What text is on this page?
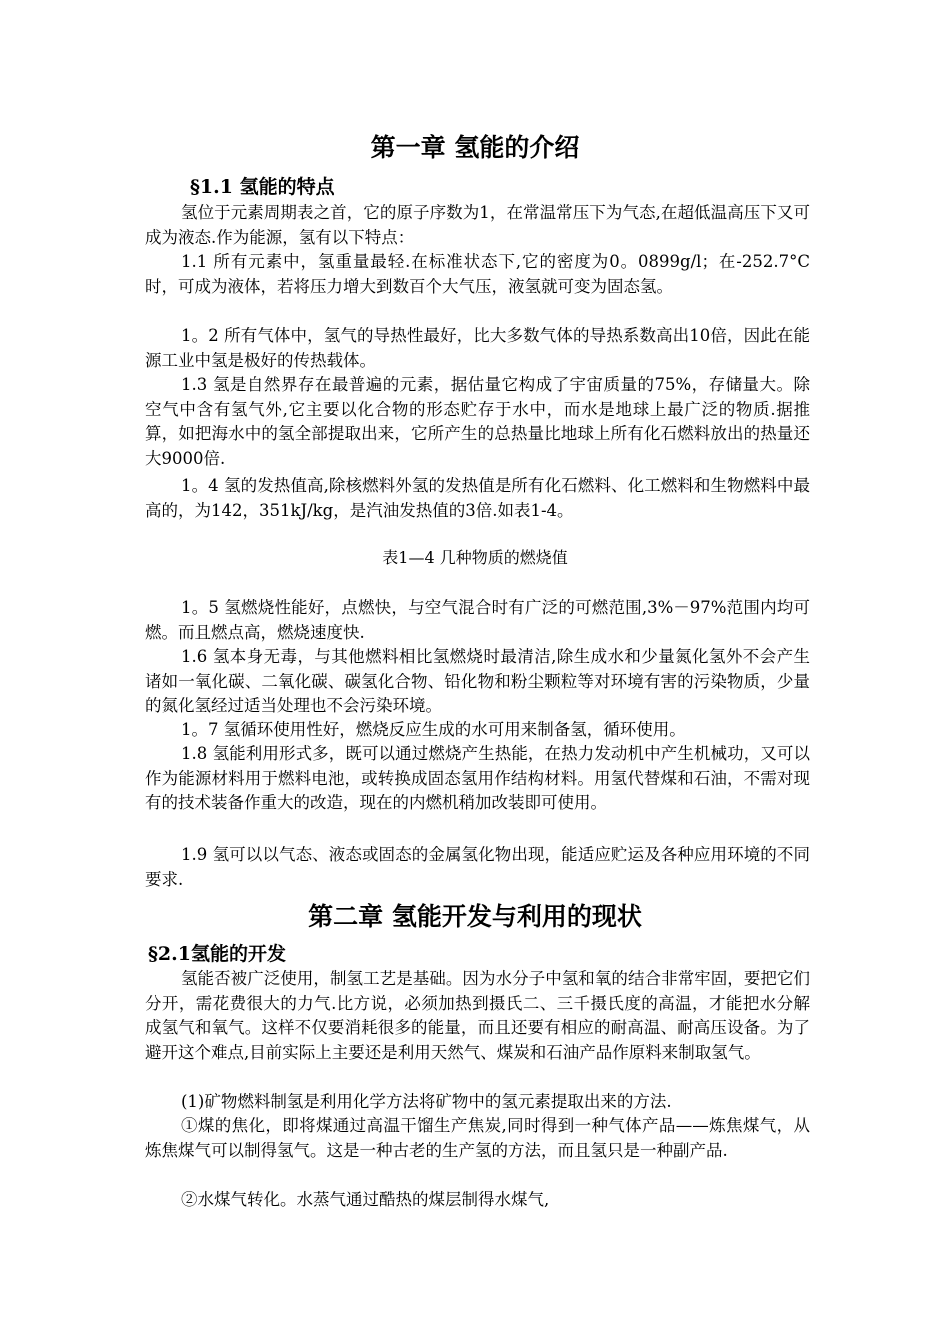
第一章 氢能的介绍
§1.1 氢能的特点

氢位于元素周期表之首，它的原子序数为1，在常温常压下为气态,在超低温高压下又可成为液态.作为能源，氢有以下特点：

1.1 所有元素中，氢重量最轻.在标准状态下,它的密度为0。0899g/l；在-252.7°C时，可成为液体，若将压力增大到数百个大气压，液氢就可变为固态氢。

1。2 所有气体中，氢气的导热性最好，比大多数气体的导热系数高出10倍，因此在能源工业中氢是极好的传热载体。

1.3 氢是自然界存在最普遍的元素，据估量它构成了宇宙质量的75%，存储量大。除空气中含有氢气外,它主要以化合物的形态贮存于水中，而水是地球上最广泛的物质.据推算，如把海水中的氢全部提取出来，它所产生的总热量比地球上所有化石燃料放出的热量还大9000倍.

1。4 氢的发热值高,除核燃料外氢的发热值是所有化石燃料、化工燃料和生物燃料中最高的，为142，351kJ/kg，是汽油发热值的3倍.如表1-4。

表1—4 几种物质的燃烧值

1。5 氢燃烧性能好，点燃快，与空气混合时有广泛的可燃范围,3%－97%范围内均可燃。而且燃点高，燃烧速度快.

1.6 氢本身无毒，与其他燃料相比氢燃烧时最清洁,除生成水和少量氮化氢外不会产生诸如一氧化碳、二氧化碳、碳氢化合物、铅化物和粉尘颗粒等对环境有害的污染物质，少量的氮化氢经过适当处理也不会污染环境。

1。7 氢循环使用性好，燃烧反应生成的水可用来制备氢，循环使用。

1.8 氢能利用形式多，既可以通过燃烧产生热能，在热力发动机中产生机械功，又可以作为能源材料用于燃料电池，或转换成固态氢用作结构材料。用氢代替煤和石油，不需对现有的技术装备作重大的改造，现在的内燃机稍加改装即可使用。

1.9 氢可以以气态、液态或固态的金属氢化物出现，能适应贮运及各种应用环境的不同要求.

第二章 氢能开发与利用的现状
§2.1氢能的开发

氢能否被广泛使用，制氢工艺是基础。因为水分子中氢和氧的结合非常牢固，要把它们分开，需花费很大的力气.比方说，必须加热到摄氏二、三千摄氏度的高温，才能把水分解成氢气和氧气。这样不仅要消耗很多的能量，而且还要有相应的耐高温、耐高压设备。为了避开这个难点,目前实际上主要还是利用天然气、煤炭和石油产品作原料来制取氢气。

(1)矿物燃料制氢是利用化学方法将矿物中的氢元素提取出来的方法.

①煤的焦化，即将煤通过高温干馏生产焦炭,同时得到一种气体产品——炼焦煤气，从炼焦煤气可以制得氢气。这是一种古老的生产氢的方法，而且氢只是一种副产品.

②水煤气转化。水蒸气通过酷热的煤层制得水煤气,
